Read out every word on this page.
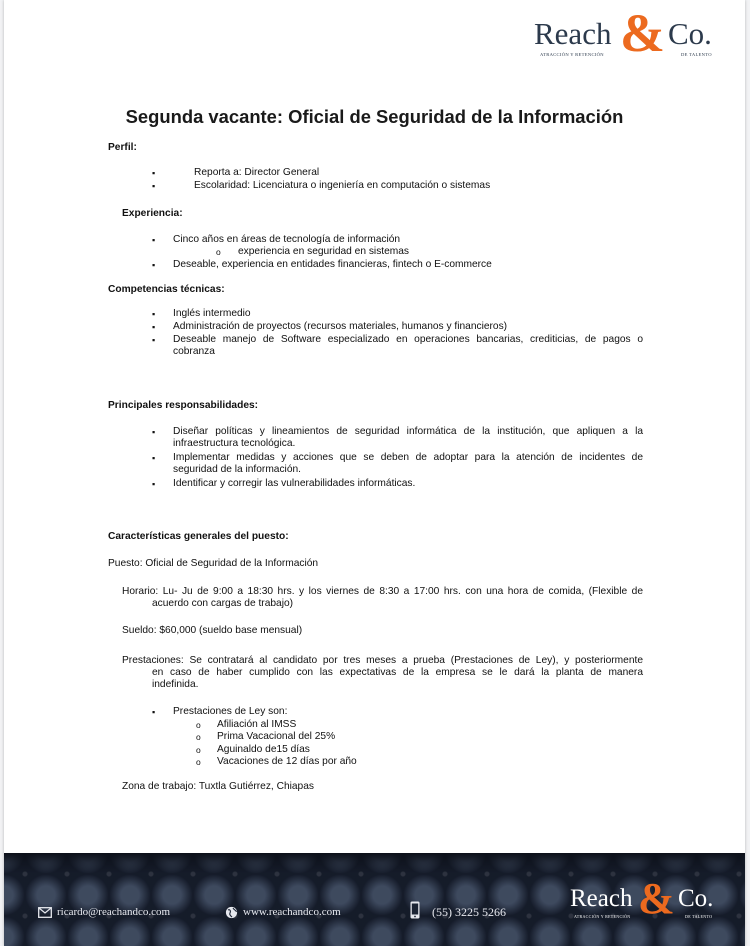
Reach & Co.
ATRACCIÓN Y RETENCIÓN	DE TALENTO
Segunda vacante: Oficial de Seguridad de la Información
Perfil:
▪	Reporta a: Director General
▪	Escolaridad: Licenciatura o ingeniería en computación o sistemas
Experiencia:
▪ Cinco años en áreas de tecnología de información
o experiencia en seguridad en sistemas
▪ Deseable, experiencia en entidades financieras, fintech o E-commerce
Competencias técnicas:
▪ Inglés intermedio
▪ Administración de proyectos (recursos materiales, humanos y financieros)
▪ Deseable manejo de Software especializado en operaciones bancarias, crediticias, de pagos o
cobranza
Principales responsabilidades:
▪ Diseñar políticas y lineamientos de seguridad informática de la institución, que apliquen a la
infraestructura tecnológica.
▪ Implementar medidas y acciones que se deben de adoptar para la atención de incidentes de
seguridad de la información.
▪ Identificar y corregir las vulnerabilidades informáticas.
Características generales del puesto:
Puesto: Oficial de Seguridad de la Información
Horario: Lu- Ju de 9:00 a 18:30 hrs. y los viernes de 8:30 a 17:00 hrs. con una hora de comida, (Flexible de
acuerdo con cargas de trabajo)
Sueldo: $60,000 (sueldo base mensual)
Prestaciones: Se contratará al candidato por tres meses a prueba (Prestaciones de Ley), y posteriormente
en caso de haber cumplido con las expectativas de la empresa se le dará la planta de manera
indefinida.
▪ Prestaciones de Ley son:
o Afiliación al IMSS
o Prima Vacacional del 25%
o Aguinaldo de15 días
o Vacaciones de 12 días por año
Zona de trabajo: Tuxtla Gutiérrez, Chiapas
ricardo@reachandco.com	www.reachandco.com	(55) 3225 5266	Reach & Co.
ATRACCIÓN Y RETENCIÓN	DE TALENTO
